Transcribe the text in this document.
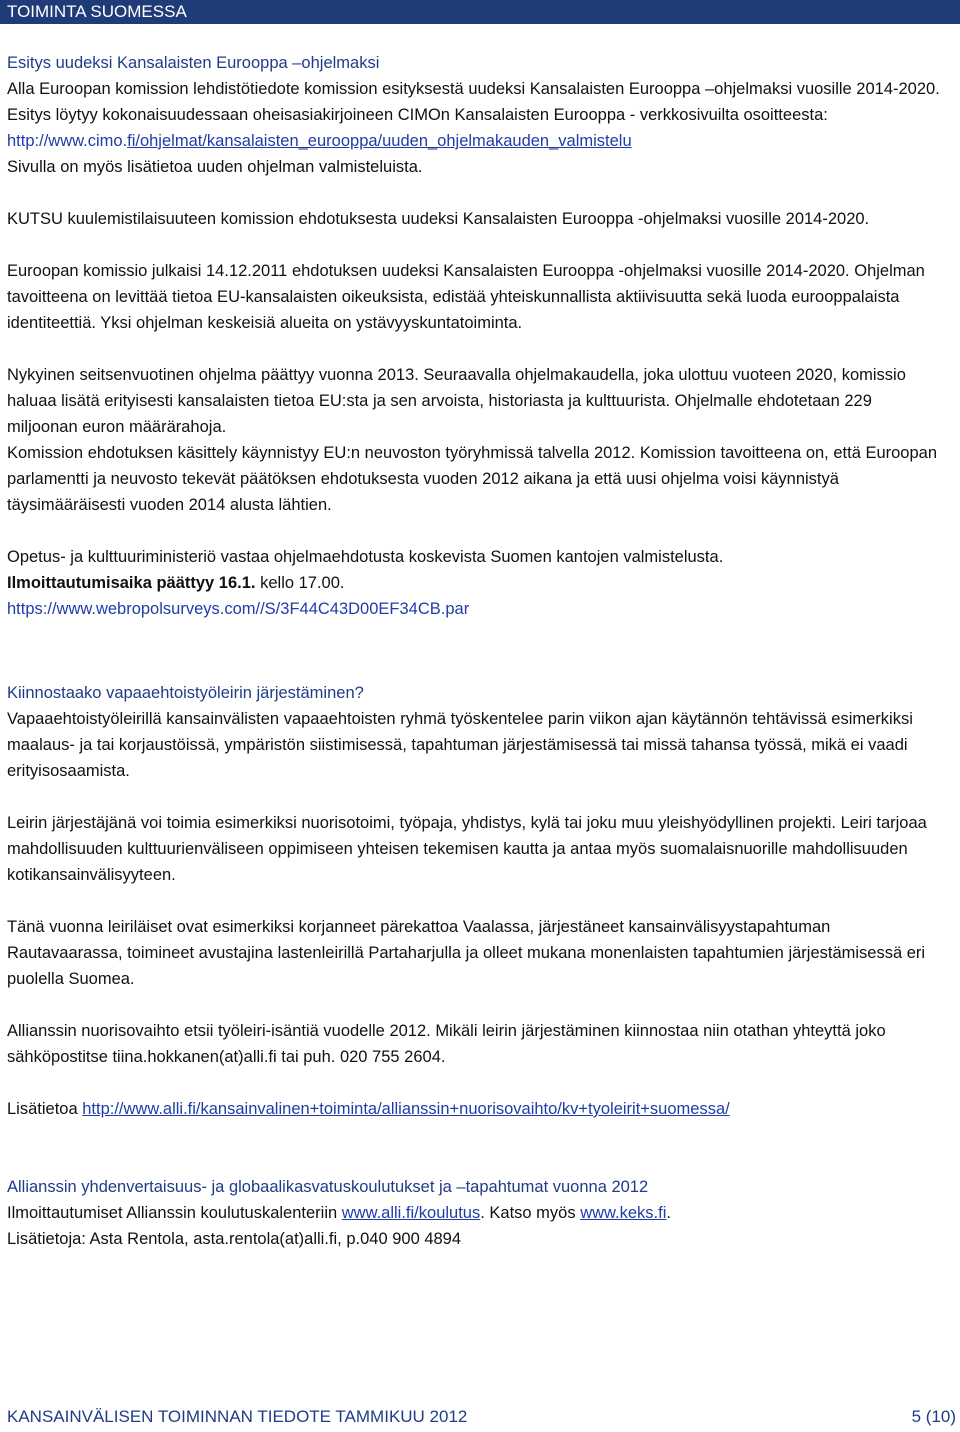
TOIMINTA SUOMESSA
Esitys uudeksi Kansalaisten Eurooppa –ohjelmaksi

Alla Euroopan komission lehdistötiedote komission esityksestä uudeksi Kansalaisten Eurooppa –ohjelmaksi vuosille 2014-2020. Esitys löytyy kokonaisuudessaan oheisasiakirjoineen CIMOn Kansalaisten Eurooppa - verkkosivuilta osoitteesta:

http://www.cimo.fi/ohjelmat/kansalaisten_eurooppa/uuden_ohjelmakauden_valmistelu

Sivulla on myös lisätietoa uuden ohjelman valmisteluista.

KUTSU kuulemistilaisuuteen komission ehdotuksesta uudeksi Kansalaisten Eurooppa -ohjelmaksi vuosille 2014-2020.

Euroopan komissio julkaisi 14.12.2011 ehdotuksen uudeksi Kansalaisten Eurooppa -ohjelmaksi vuosille 2014-2020. Ohjelman tavoitteena on levittää tietoa EU-kansalaisten oikeuksista, edistää yhteiskunnallista aktiivisuutta sekä luoda eurooppalaista identiteettiä. Yksi ohjelman keskeisiä alueita on ystävyyskuntatoiminta.

Nykyinen seitsenvuotinen ohjelma päättyy vuonna 2013. Seuraavalla ohjelmakaudella, joka ulottuu vuoteen 2020, komissio haluaa lisätä erityisesti kansalaisten tietoa EU:sta ja sen arvoista, historiasta ja kulttuurista. Ohjelmalle ehdotetaan 229 miljoonan euron määrärahoja.

Komission ehdotuksen käsittely käynnistyy EU:n neuvoston työryhmissä talvella 2012. Komission tavoitteena on, että Euroopan parlamentti ja neuvosto tekevät päätöksen ehdotuksesta vuoden 2012 aikana ja että uusi ohjelma voisi käynnistyä täysimääräisesti vuoden 2014 alusta lähtien.

Opetus- ja kulttuuriministeriö vastaa ohjelmaehdotusta koskevista Suomen kantojen valmistelusta.

Ilmoittautumisaika päättyy 16.1. kello 17.00.

https://www.webropolsurveys.com//S/3F44C43D00EF34CB.par

Kiinnostaako vapaaehtoistyöleirin järjestäminen?

Vapaaehtoistyöleirillä kansainvälisten vapaaehtoisten ryhmä työskentelee parin viikon ajan käytännön tehtävissä esimerkiksi maalaus- ja tai korjaustöissä, ympäristön siistimisessä, tapahtuman järjestämisessä tai missä tahansa työssä, mikä ei vaadi erityisosaamista.

Leirin järjestäjänä voi toimia esimerkiksi nuorisotoimi, työpaja, yhdistys, kylä tai joku muu yleishyödyllinen projekti. Leiri tarjoaa mahdollisuuden kulttuurienväliseen oppimiseen yhteisen tekemisen kautta ja antaa myös suomalaisnuorille mahdollisuuden kotikansainvälisyyteen.

Tänä vuonna leiriläiset ovat esimerkiksi korjanneet pärekattoa Vaalassa, järjestäneet kansainvälisyystapahtuman Rautavaarassa, toimineet avustajina lastenleirillä Partaharjulla ja olleet mukana monenlaisten tapahtumien järjestämisessä eri puolella Suomea.

Allianssin nuorisovaihto etsii työleiri-isäntiä vuodelle 2012. Mikäli leirin järjestäminen kiinnostaa niin otathan yhteyttä joko sähköpostitse tiina.hokkanen(at)alli.fi tai puh. 020 755 2604.

Lisätietoa http://www.alli.fi/kansainvalinen+toiminta/allianssin+nuorisovaihto/kv+tyoleirit+suomessa/

Allianssin yhdenvertaisuus- ja globaalikasvatuskoulutukset ja –tapahtumat vuonna 2012

Ilmoittautumiset Allianssin koulutuskalenteriin www.alli.fi/koulutus. Katso myös www.keks.fi.

Lisätietoja: Asta Rentola, asta.rentola(at)alli.fi, p.040 900 4894

KANSAINVÄLISEN TOIMINNAN TIEDOTE TAMMIKUU 2012	5 (10)
